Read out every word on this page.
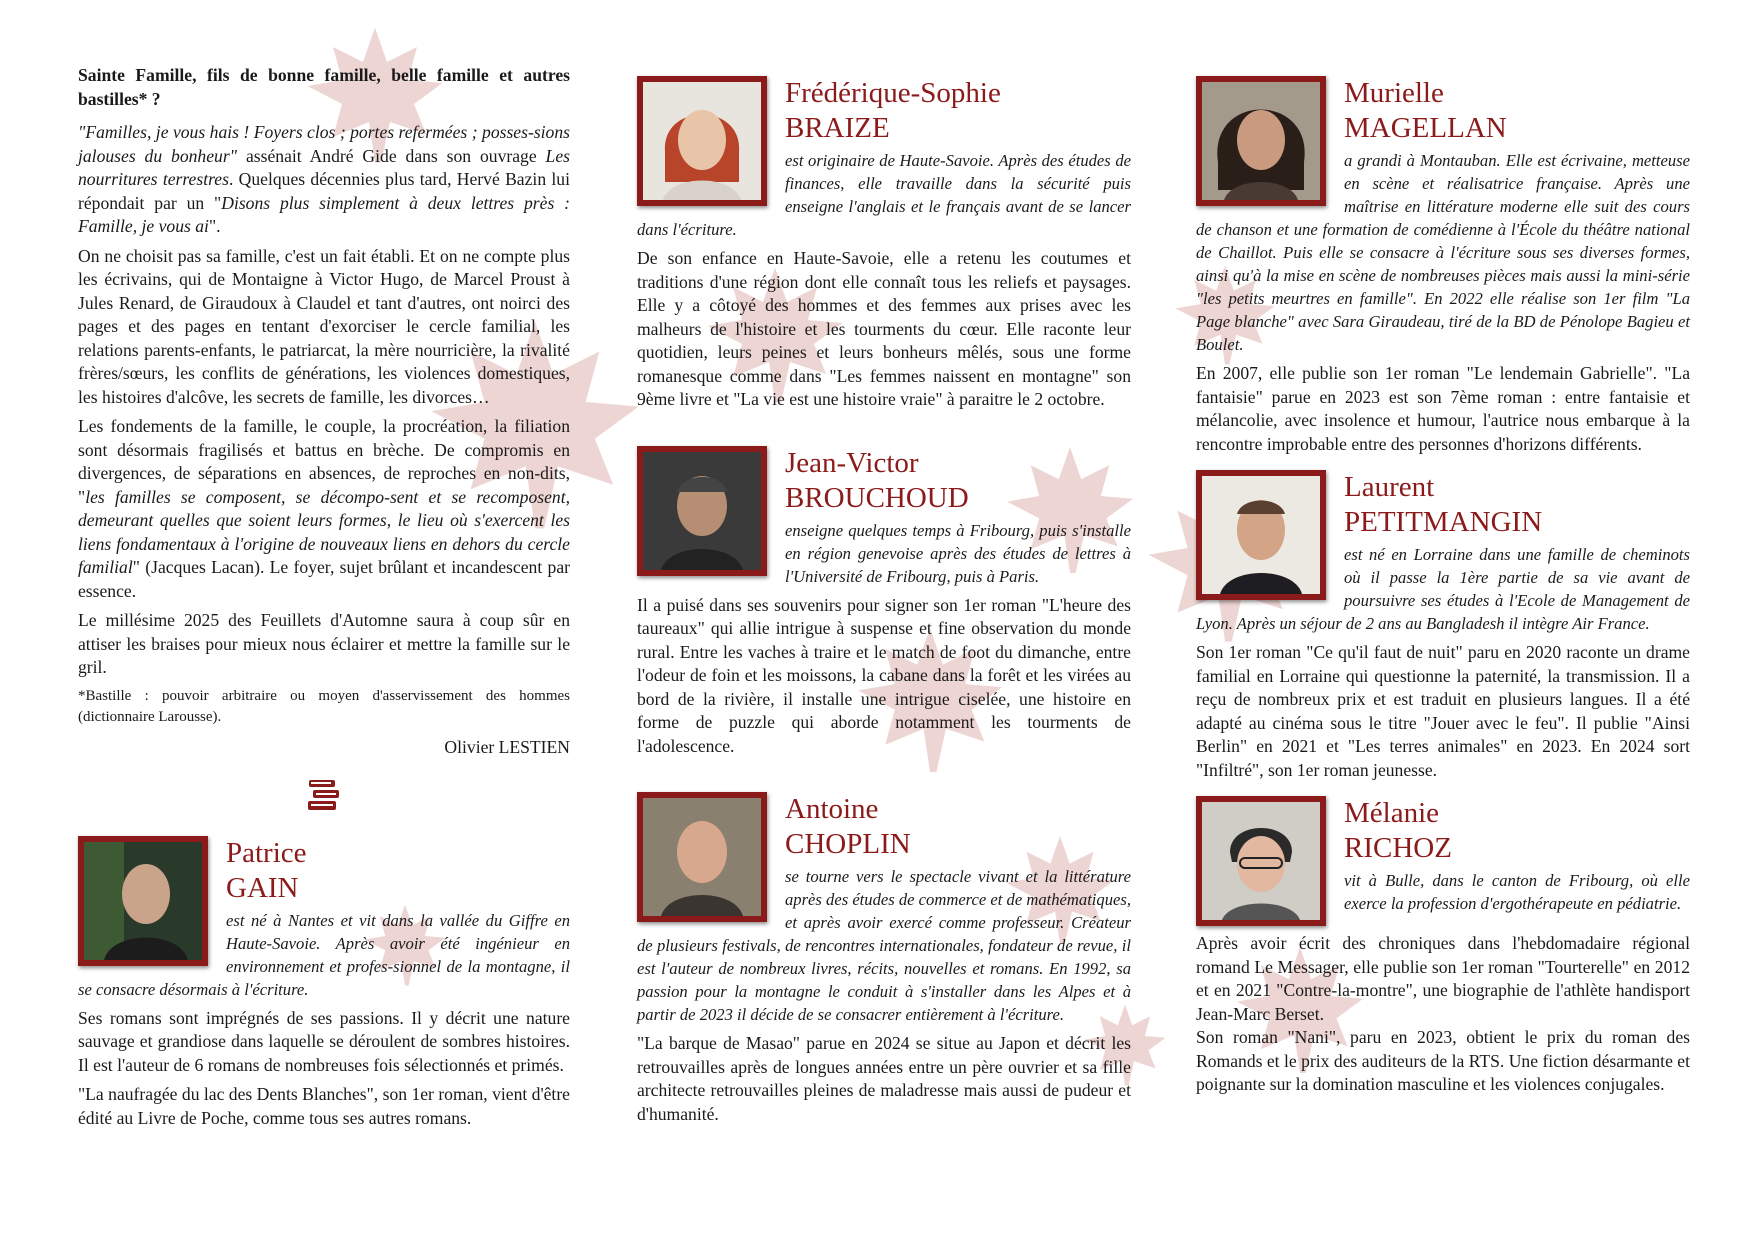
Sainte Famille, fils de bonne famille, belle famille et autres bastilles* ?

"Familles, je vous hais ! Foyers clos ; portes refermées ; posses-sions jalouses du bonheur" assénait André Gide dans son ouvrage Les nourritures terrestres. Quelques décennies plus tard, Hervé Bazin lui répondait par un "Disons plus simplement à deux lettres près : Famille, je vous ai".

On ne choisit pas sa famille, c'est un fait établi. Et on ne compte plus les écrivains, qui de Montaigne à Victor Hugo, de Marcel Proust à Jules Renard, de Giraudoux à Claudel et tant d'autres, ont noirci des pages et des pages en tentant d'exorciser le cercle familial, les relations parents-enfants, le patriarcat, la mère nourricière, la rivalité frères/sœurs, les conflits de générations, les violences domestiques, les histoires d'alcôve, les secrets de famille, les divorces…

Les fondements de la famille, le couple, la procréation, la filiation sont désormais fragilisés et battus en brèche. De compromis en divergences, de séparations en absences, de reproches en non-dits, "les familles se composent, se décompo-sent et se recomposent, demeurant quelles que soient leurs formes, le lieu où s'exercent les liens fondamentaux à l'origine de nouveaux liens en dehors du cercle familial" (Jacques Lacan). Le foyer, sujet brûlant et incandescent par essence.

Le millésime 2025 des Feuillets d'Automne saura à coup sûr en attiser les braises pour mieux nous éclairer et mettre la famille sur le gril.

*Bastille : pouvoir arbitraire ou moyen d'asservissement des hommes (dictionnaire Larousse).

Olivier LESTIEN

Patrice
GAIN

est né à Nantes et vit dans la vallée du Giffre en Haute-Savoie. Après avoir été ingénieur en environnement et profes-sionnel de la montagne, il se consacre désormais à l'écriture.

Ses romans sont imprégnés de ses passions. Il y décrit une nature sauvage et grandiose dans laquelle se déroulent de sombres histoires. Il est l'auteur de 6 romans de nombreuses fois sélectionnés et primés.

"La naufragée du lac des Dents Blanches", son 1er roman, vient d'être édité au Livre de Poche, comme tous ses autres romans.

Frédérique-Sophie
BRAIZE

est originaire de Haute-Savoie. Après des études de finances, elle travaille dans la sécurité puis enseigne l'anglais et le français avant de se lancer dans l'écriture.

De son enfance en Haute-Savoie, elle a retenu les coutumes et traditions d'une région dont elle connaît tous les reliefs et paysages. Elle y a côtoyé des hommes et des femmes aux prises avec les malheurs de l'histoire et les tourments du cœur. Elle raconte leur quotidien, leurs peines et leurs bonheurs mêlés, sous une forme romanesque comme dans "Les femmes naissent en montagne" son 9ème livre et "La vie est une histoire vraie" à paraitre le 2 octobre.

Jean-Victor
BROUCHOUD

enseigne quelques temps à Fribourg, puis s'installe en région genevoise après des études de lettres à l'Université de Fribourg, puis à Paris.

Il a puisé dans ses souvenirs pour signer son 1er roman "L'heure des taureaux" qui allie intrigue à suspense et fine observation du monde rural. Entre les vaches à traire et le match de foot du dimanche, entre l'odeur de foin et les moissons, la cabane dans la forêt et les virées au bord de la rivière, il installe une intrigue ciselée, une histoire en forme de puzzle qui aborde notamment les tourments de l'adolescence.

Antoine
CHOPLIN

se tourne vers le spectacle vivant et la littérature après des études de commerce et de mathématiques, et après avoir exercé comme professeur. Créateur de plusieurs festivals, de rencontres internationales, fondateur de revue, il est l'auteur de nombreux livres, récits, nouvelles et romans. En 1992, sa passion pour la montagne le conduit à s'installer dans les Alpes et à partir de 2023 il décide de se consacrer entièrement à l'écriture.

"La barque de Masao" parue en 2024 se situe au Japon et décrit les retrouvailles après de longues années entre un père ouvrier et sa fille architecte retrouvailles pleines de maladresse mais aussi de pudeur et d'humanité.

Murielle
MAGELLAN

a grandi à Montauban. Elle est écrivaine, metteuse en scène et réalisatrice française. Après une maîtrise en littérature moderne elle suit des cours de chanson et une formation de comédienne à l'École du théâtre national de Chaillot. Puis elle se consacre à l'écriture sous ses diverses formes, ainsi qu'à la mise en scène de nombreuses pièces mais aussi la mini-série "les petits meurtres en famille". En 2022 elle réalise son 1er film "La Page blanche" avec Sara Giraudeau, tiré de la BD de Pénolope Bagieu et Boulet.

En 2007, elle publie son 1er roman "Le lendemain Gabrielle". "La fantaisie" parue en 2023 est son 7ème roman : entre fantaisie et mélancolie, avec insolence et humour, l'autrice nous embarque à la rencontre improbable entre des personnes d'horizons différents.

Laurent
PETITMANGIN

est né en Lorraine dans une famille de cheminots où il passe la 1ère partie de sa vie avant de poursuivre ses études à l'Ecole de Management de Lyon. Après un séjour de 2 ans au Bangladesh il intègre Air France.

Son 1er roman "Ce qu'il faut de nuit" paru en 2020 raconte un drame familial en Lorraine qui questionne la paternité, la transmission. Il a reçu de nombreux prix et est traduit en plusieurs langues. Il a été adapté au cinéma sous le titre "Jouer avec le feu". Il publie "Ainsi Berlin" en 2021 et "Les terres animales" en 2023. En 2024 sort "Infiltré", son 1er roman jeunesse.

Mélanie
RICHOZ

vit à Bulle, dans le canton de Fribourg, où elle exerce la profession d'ergothérapeute en pédiatrie.

Après avoir écrit des chroniques dans l'hebdomadaire régional romand Le Messager, elle publie son 1er roman "Tourterelle" en 2012 et en 2021 "Contre-la-montre", une biographie de l'athlète handisport Jean-Marc Berset.

Son roman "Nani", paru en 2023, obtient le prix du roman des Romands et le prix des auditeurs de la RTS. Une fiction désarmante et poignante sur la domination masculine et les violences conjugales.
